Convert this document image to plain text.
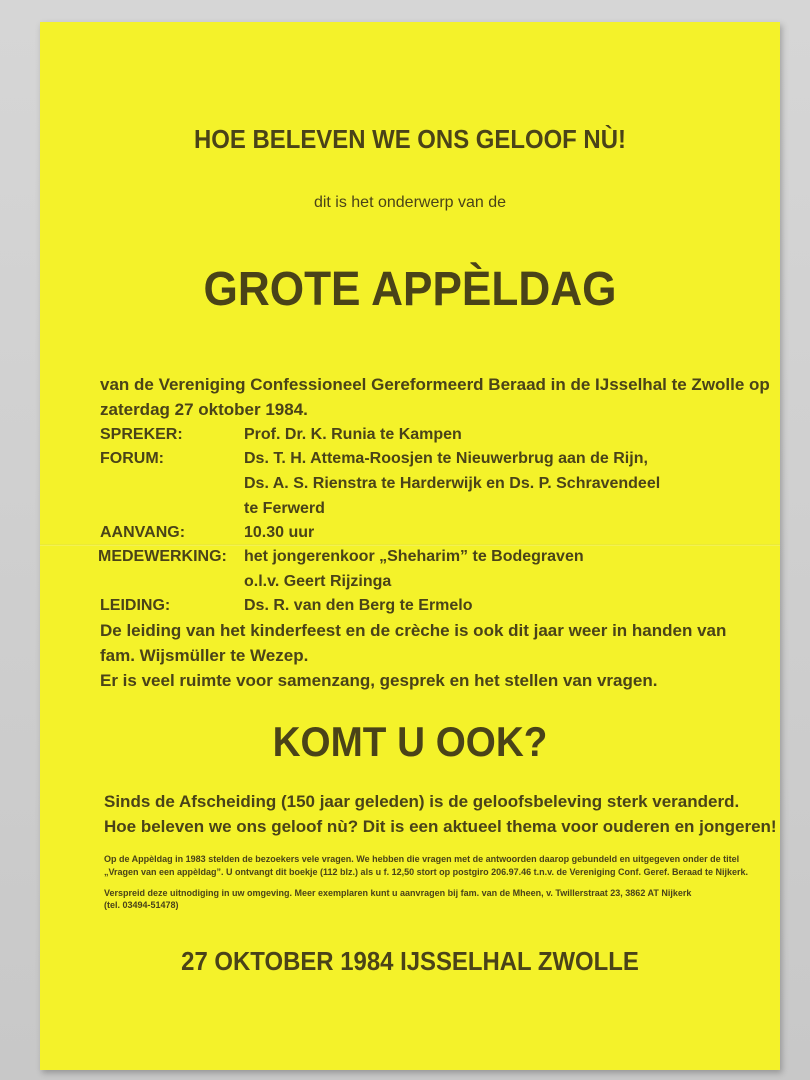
HOE BELEVEN WE ONS GELOOF NÙ!
dit is het onderwerp van de
GROTE APPÈLDAG
van de Vereniging Confessioneel Gereformeerd Beraad in de IJsselhal te Zwolle op
zaterdag 27 oktober 1984.
SPREKER:	Prof. Dr. K. Runia te Kampen
FORUM:	Ds. T. H. Attema-Roosjen te Nieuwerbrug aan de Rijn,
Ds. A. S. Rienstra te Harderwijk en Ds. P. Schravendeel
te Ferwerd
AANVANG:	10.30 uur
MEDEWERKING: het jongerenkoor „Sheharim” te Bodegraven
o.l.v. Geert Rijzinga
LEIDING:	Ds. R. van den Berg te Ermelo
De leiding van het kinderfeest en de crèche is ook dit jaar weer in handen van
fam. Wijsmüller te Wezep.
Er is veel ruimte voor samenzang, gesprek en het stellen van vragen.
KOMT U OOK?
Sinds de Afscheiding (150 jaar geleden) is de geloofsbeleving sterk veranderd.
Hoe beleven we ons geloof nù? Dit is een aktueel thema voor ouderen en jongeren!
Op de Appèldag in 1983 stelden de bezoekers vele vragen. We hebben die vragen met de antwoorden daarop gebundeld en uitgegeven onder de titel
„Vragen van een appèldag”. U ontvangt dit boekje (112 blz.) als u f. 12,50 stort op postgiro 206.97.46 t.n.v. de Vereniging Conf. Geref. Beraad te Nijkerk.
Verspreid deze uitnodiging in uw omgeving. Meer exemplaren kunt u aanvragen bij fam. van de Mheen, v. Twillerstraat 23, 3862 AT Nijkerk
(tel. 03494-51478)
27 OKTOBER 1984 IJSSELHAL ZWOLLE
